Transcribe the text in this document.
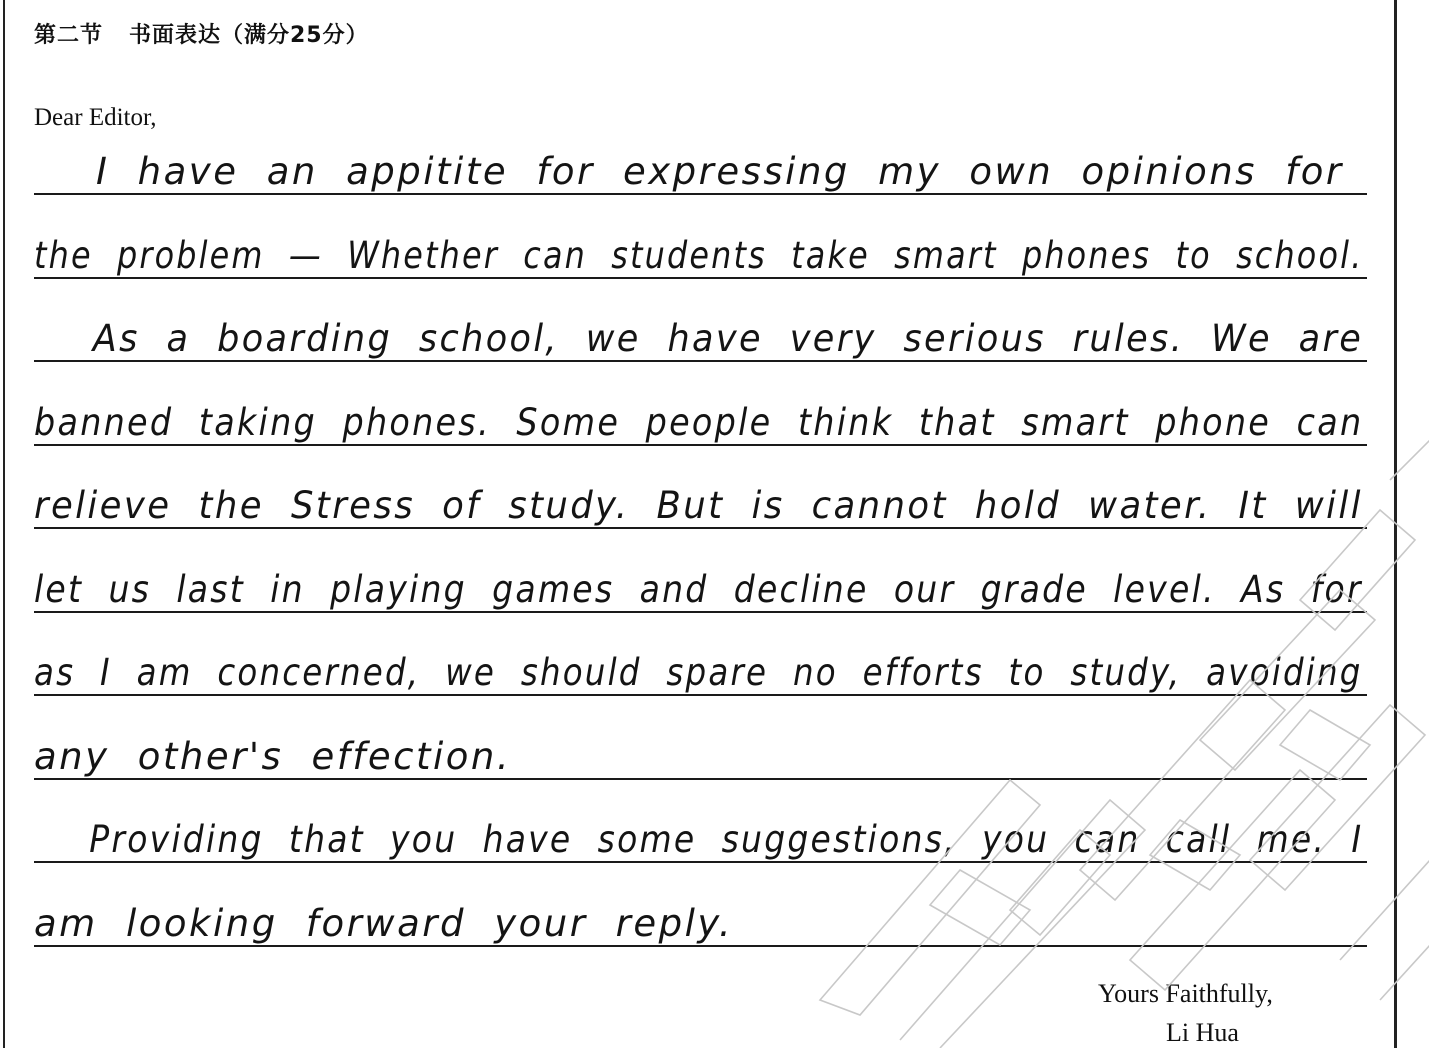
第二节   书面表达（满分25分）
Dear Editor,
I have an appitite for expressing my own opinions for
the problem — Whether can students take smart phones to school.
As a boarding school, we have very serious rules. We are
banned taking phones. Some people think that smart phone can
relieve the Stress of study. But is cannot hold water. It will
let us last in playing games and decline our grade level. As for
as I am concerned, we should spare no efforts to study, avoiding
any other's effection.
Providing that you have some suggestions, you can call me. I
am looking forward your reply.
Yours Faithfully,
Li Hua
